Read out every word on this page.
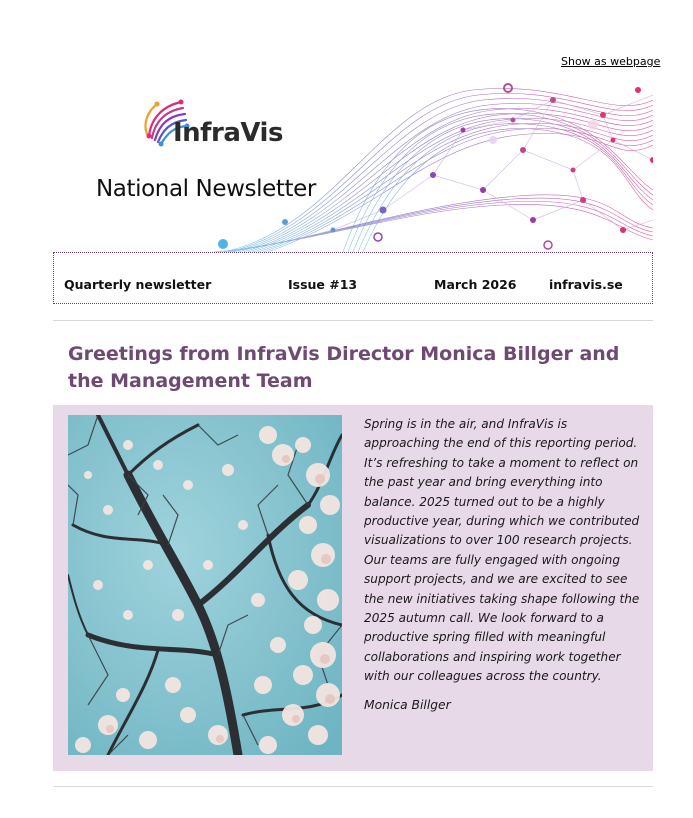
Show as webpage
InfraVis
National Newsletter
Quarterly newsletter	Issue #13	March 2026	infravis.se
Greetings from InfraVis Director Monica Billger and the Management Team
Spring is in the air, and InfraVis is approaching the end of this reporting period. It’s refreshing to take a moment to reflect on the past year and bring everything into balance. 2025 turned out to be a highly productive year, during which we contributed visualizations to over 100 research projects. Our teams are fully engaged with ongoing support projects, and we are excited to see the new initiatives taking shape following the 2025 autumn call. We look forward to a productive spring filled with meaningful collaborations and inspiring work together with our colleagues across the country.
Monica Billger
